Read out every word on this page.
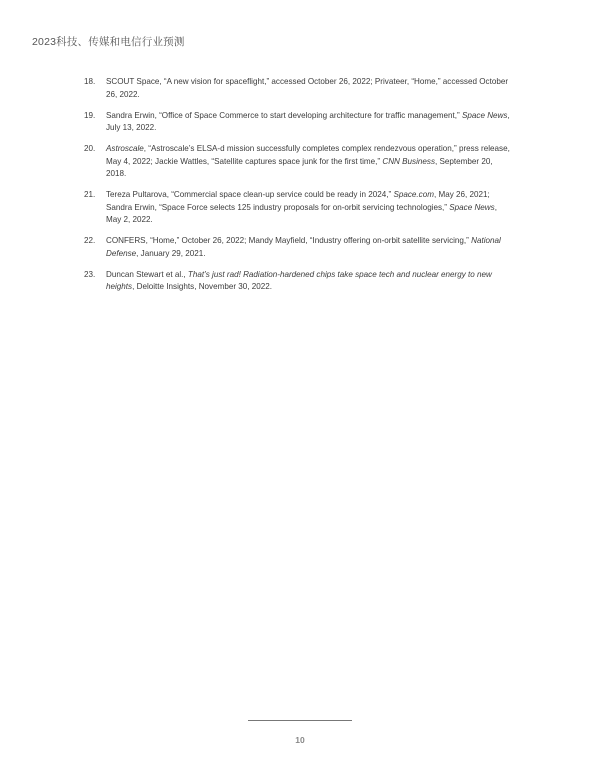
2023科技、传媒和电信行业预测
18.	SCOUT Space, “A new vision for spaceflight,” accessed October 26, 2022; Privateer, “Home,” accessed October 26, 2022.
19.	Sandra Erwin, “Office of Space Commerce to start developing architecture for traffic management,” Space News, July 13, 2022.
20.	Astroscale, “Astroscale’s ELSA-d mission successfully completes complex rendezvous operation,” press release, May 4, 2022; Jackie Wattles, “Satellite captures space junk for the first time,” CNN Business, September 20, 2018.
21.	Tereza Pultarova, “Commercial space clean-up service could be ready in 2024,” Space.com, May 26, 2021; Sandra Erwin, “Space Force selects 125 industry proposals for on-orbit servicing technologies,” Space News, May 2, 2022.
22.	CONFERS, “Home,” October 26, 2022; Mandy Mayfield, “Industry offering on-orbit satellite servicing,” National Defense, January 29, 2021.
23.	Duncan Stewart et al., That’s just rad! Radiation-hardened chips take space tech and nuclear energy to new heights, Deloitte Insights, November 30, 2022.
10
